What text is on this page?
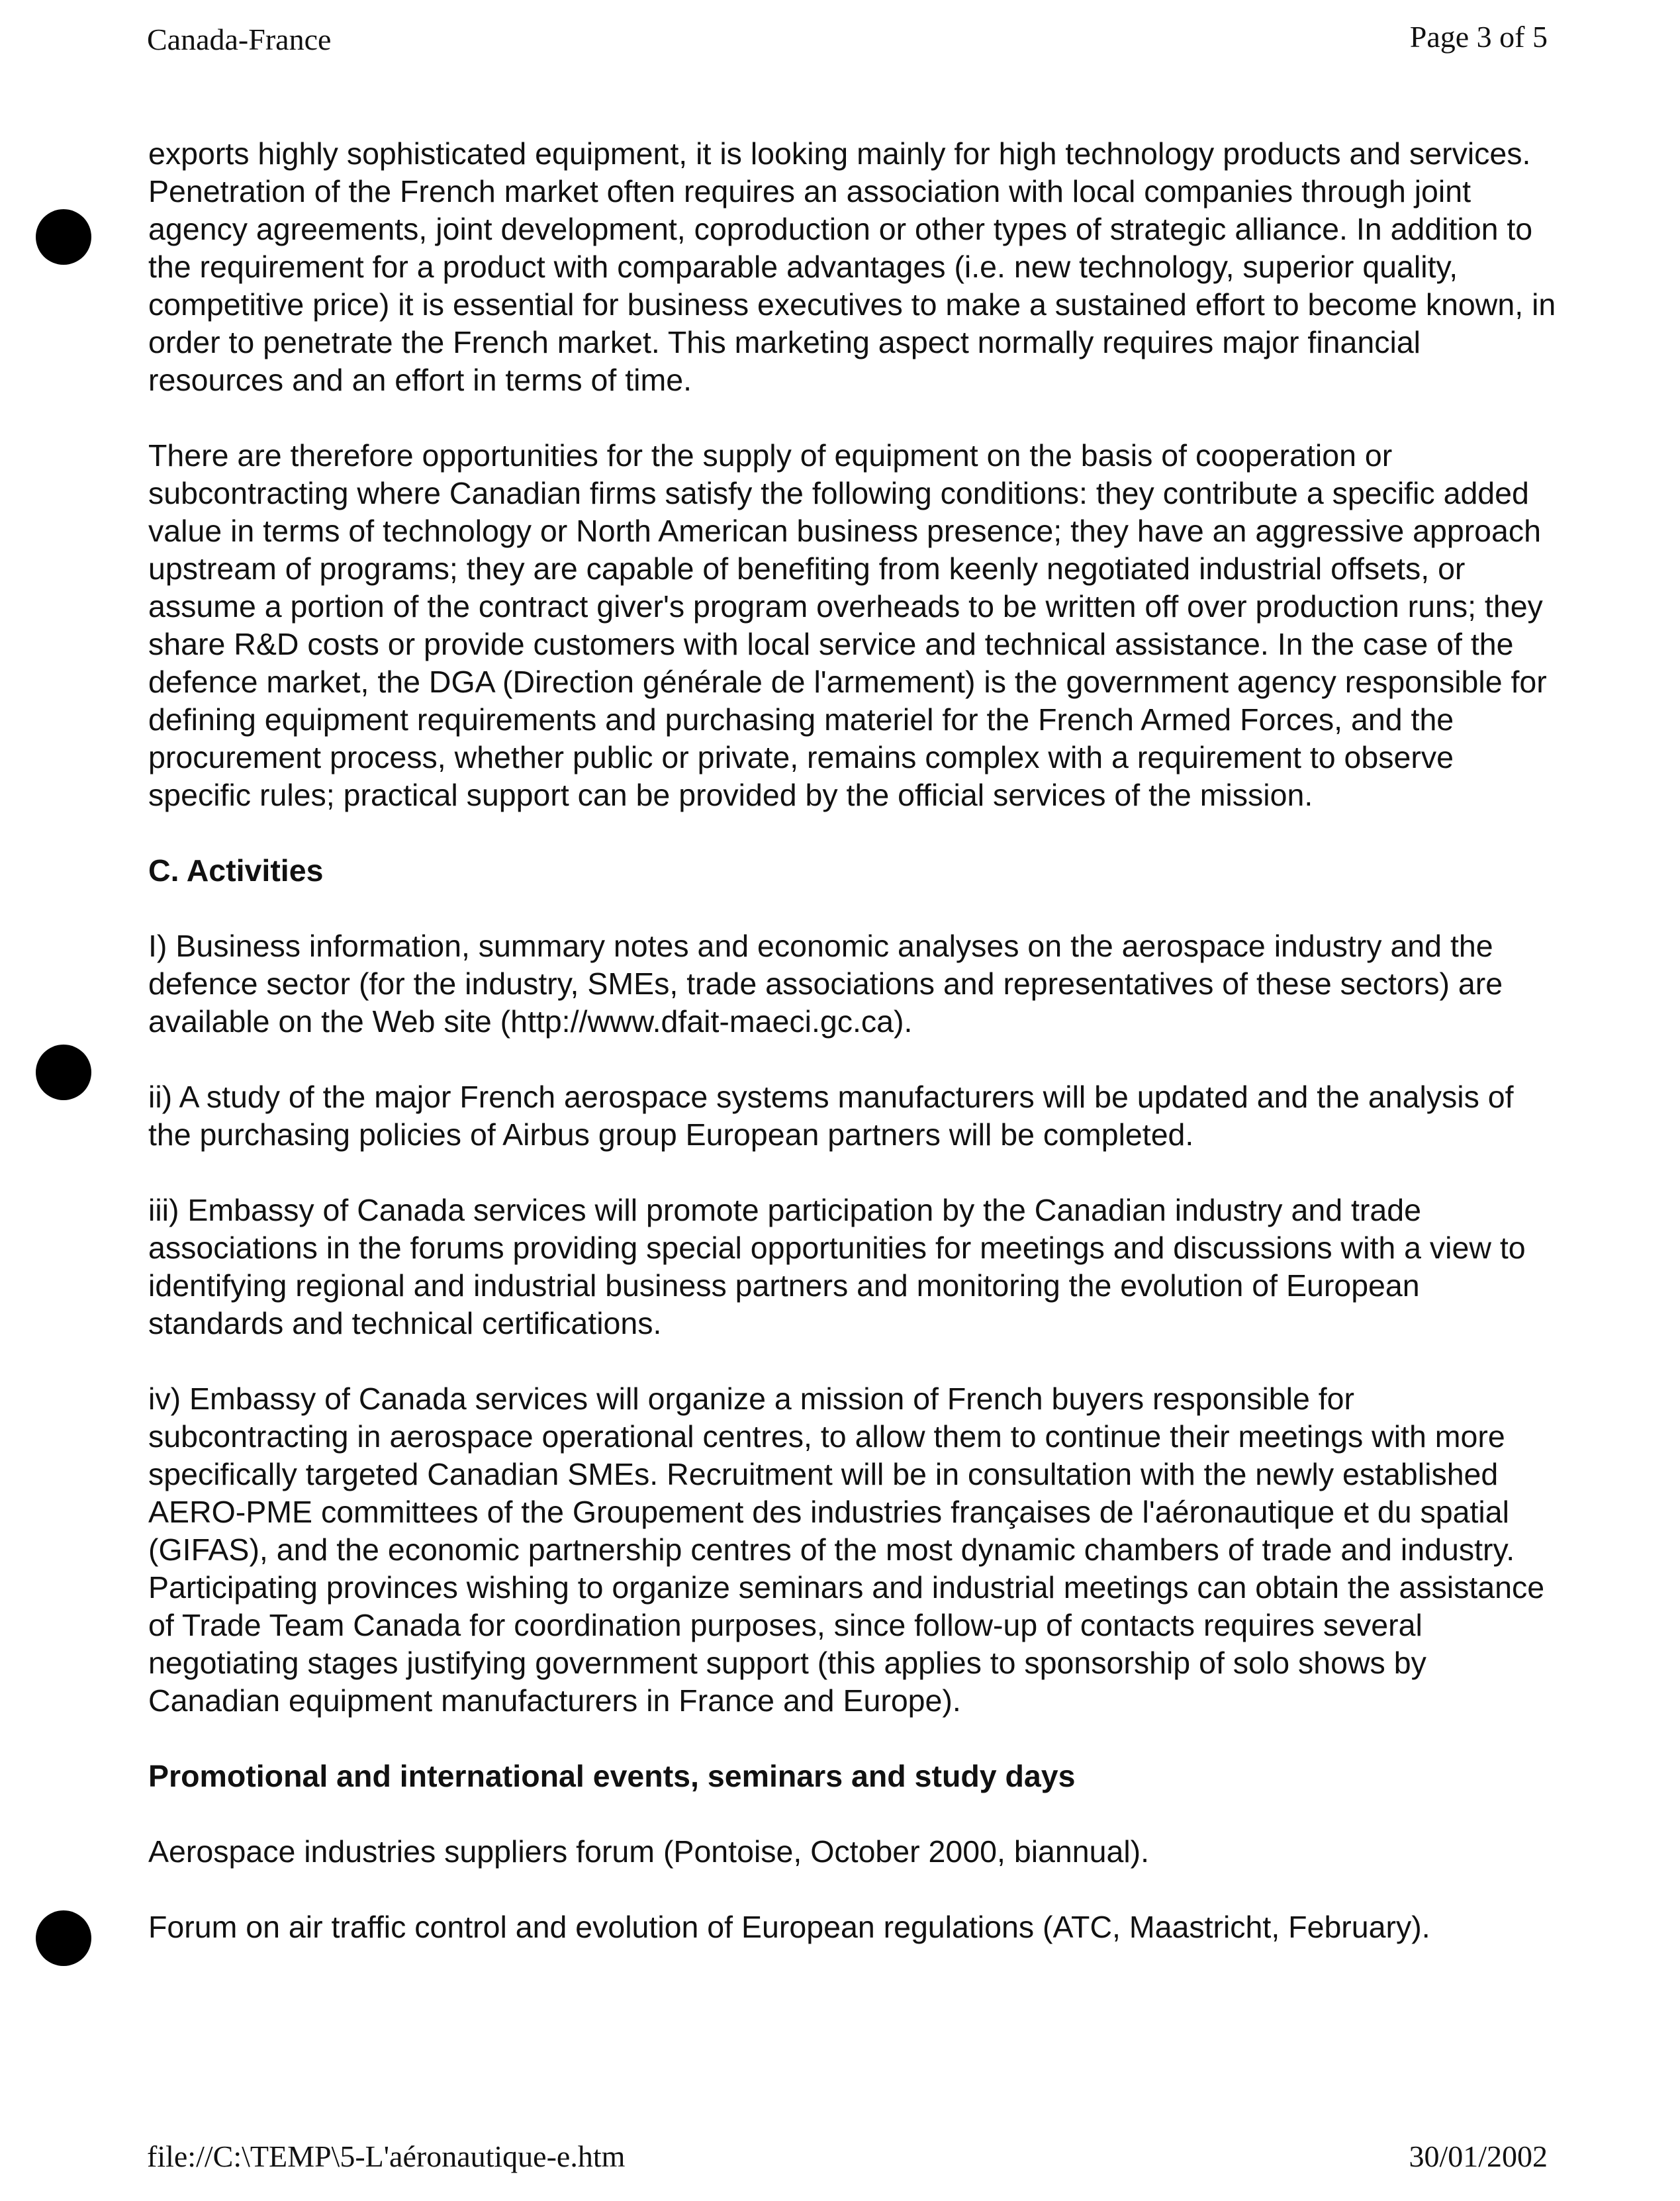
Canada-France	Page 3 of 5

exports highly sophisticated equipment, it is looking mainly for high technology products and services. Penetration of the French market often requires an association with local companies through joint agency agreements, joint development, coproduction or other types of strategic alliance. In addition to the requirement for a product with comparable advantages (i.e. new technology, superior quality, competitive price) it is essential for business executives to make a sustained effort to become known, in order to penetrate the French market. This marketing aspect normally requires major financial resources and an effort in terms of time.

There are therefore opportunities for the supply of equipment on the basis of cooperation or subcontracting where Canadian firms satisfy the following conditions: they contribute a specific added value in terms of technology or North American business presence; they have an aggressive approach upstream of programs; they are capable of benefiting from keenly negotiated industrial offsets, or assume a portion of the contract giver's program overheads to be written off over production runs; they share R&D costs or provide customers with local service and technical assistance. In the case of the defence market, the DGA (Direction générale de l'armement) is the government agency responsible for defining equipment requirements and purchasing materiel for the French Armed Forces, and the procurement process, whether public or private, remains complex with a requirement to observe specific rules; practical support can be provided by the official services of the mission.

C. Activities

I) Business information, summary notes and economic analyses on the aerospace industry and the defence sector (for the industry, SMEs, trade associations and representatives of these sectors) are available on the Web site (http://www.dfait-maeci.gc.ca).

ii) A study of the major French aerospace systems manufacturers will be updated and the analysis of the purchasing policies of Airbus group European partners will be completed.

iii) Embassy of Canada services will promote participation by the Canadian industry and trade associations in the forums providing special opportunities for meetings and discussions with a view to identifying regional and industrial business partners and monitoring the evolution of European standards and technical certifications.

iv) Embassy of Canada services will organize a mission of French buyers responsible for subcontracting in aerospace operational centres, to allow them to continue their meetings with more specifically targeted Canadian SMEs. Recruitment will be in consultation with the newly established AERO-PME committees of the Groupement des industries françaises de l'aéronautique et du spatial (GIFAS), and the economic partnership centres of the most dynamic chambers of trade and industry. Participating provinces wishing to organize seminars and industrial meetings can obtain the assistance of Trade Team Canada for coordination purposes, since follow-up of contacts requires several negotiating stages justifying government support (this applies to sponsorship of solo shows by Canadian equipment manufacturers in France and Europe).

Promotional and international events, seminars and study days

Aerospace industries suppliers forum (Pontoise, October 2000, biannual).

Forum on air traffic control and evolution of European regulations (ATC, Maastricht, February).

file://C:\TEMP\5-L'aéronautique-e.htm	30/01/2002
